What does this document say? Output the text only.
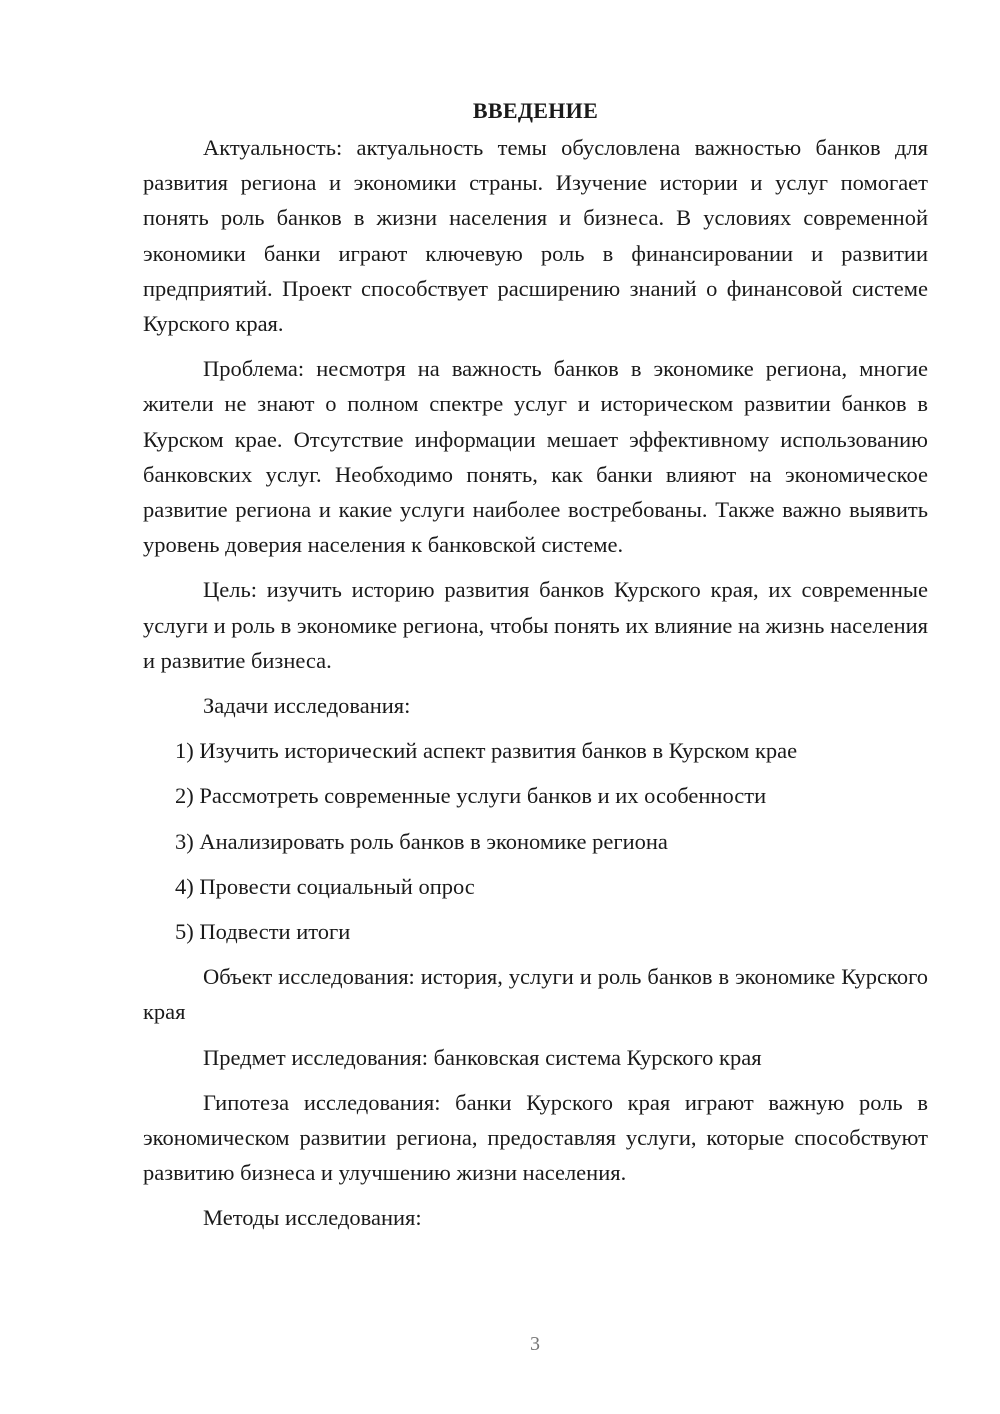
ВВЕДЕНИЕ

Актуальность: актуальность темы обусловлена важностью банков для развития региона и экономики страны. Изучение истории и услуг помогает понять роль банков в жизни населения и бизнеса. В условиях современной экономики банки играют ключевую роль в финансировании и развитии предприятий. Проект способствует расширению знаний о финансовой системе Курского края.

Проблема: несмотря на важность банков в экономике региона, многие жители не знают о полном спектре услуг и историческом развитии банков в Курском крае. Отсутствие информации мешает эффективному использованию банковских услуг. Необходимо понять, как банки влияют на экономическое развитие региона и какие услуги наиболее востребованы. Также важно выявить уровень доверия населения к банковской системе.

Цель: изучить историю развития банков Курского края, их современные услуги и роль в экономике региона, чтобы понять их влияние на жизнь населения и развитие бизнеса.

Задачи исследования:

1) Изучить исторический аспект развития банков в Курском крае
2) Рассмотреть современные услуги банков и их особенности
3) Анализировать роль банков в экономике региона
4) Провести социальный опрос
5) Подвести итоги

Объект исследования: история, услуги и роль банков в экономике Курского края

Предмет исследования: банковская система Курского края

Гипотеза исследования: банки Курского края играют важную роль в экономическом развитии региона, предоставляя услуги, которые способствуют развитию бизнеса и улучшению жизни населения.

Методы исследования:

3
